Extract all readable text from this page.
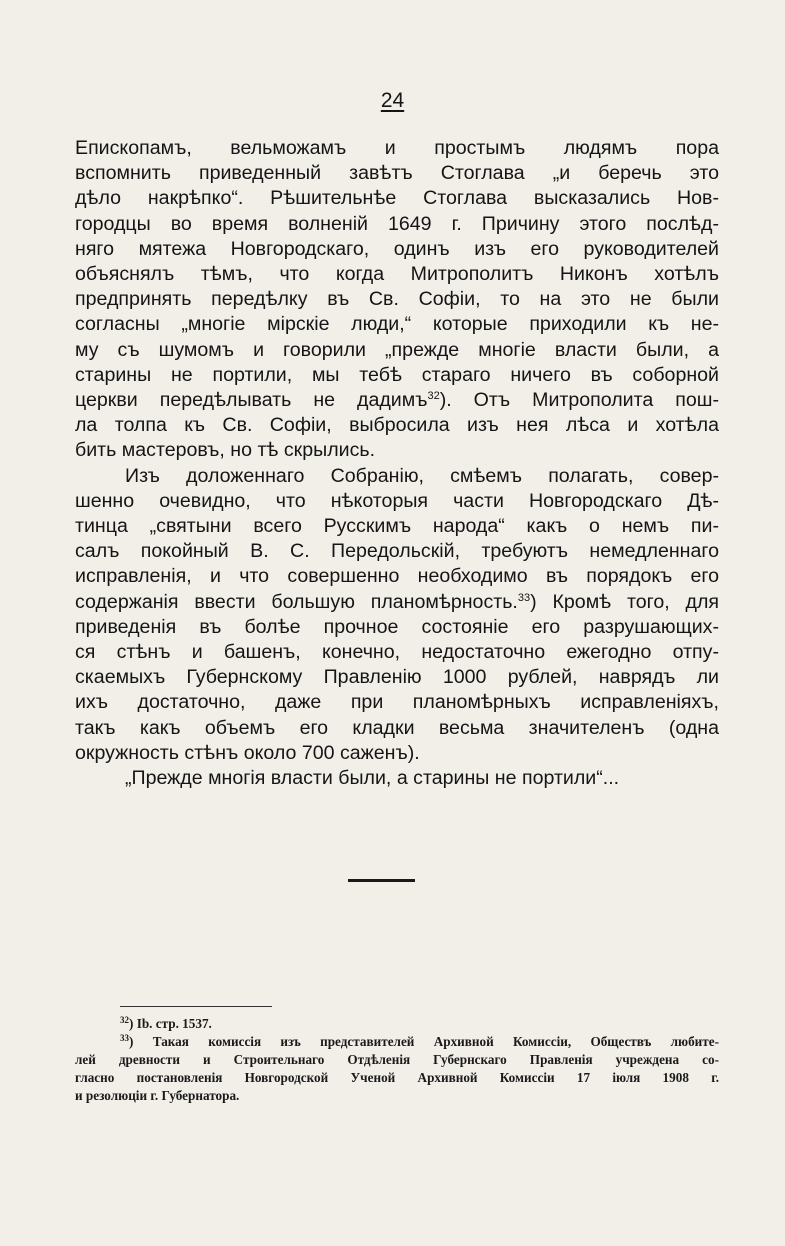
24
Епископамъ, вельможамъ и простымъ людямъ пора
вспомнить приведенный завѣтъ Стоглава „и беречь это
дѣло накрѣпко“. Рѣшительнѣе Стоглава высказались Нов-
городцы во время волненій 1649 г. Причину этого послѣд-
няго мятежа Новгородскаго, одинъ изъ его руководителей
объяснялъ тѣмъ, что когда Митрополитъ Никонъ хотѣлъ
предпринять передѣлку въ Св. Софіи, то на это не были
согласны „многіе мірскіе люди,“ которые приходили къ не-
му съ шумомъ и говорили „прежде многіе власти были, а
старины не портили, мы тебѣ стараго ничего въ соборной
церкви передѣлывать не дадимъ$^{32}$). Отъ Митрополита пош-
ла толпа къ Св. Софіи, выбросила изъ нея лѣса и хотѣла
бить мастеровъ, но тѣ скрылись.
Изъ доложеннаго Собранію, смѣемъ полагать, совер-
шенно очевидно, что нѣкоторыя части Новгородскаго Дѣ-
тинца „святыни всего Русскимъ народа“ какъ о немъ пи-
салъ покойный В. С. Передольскій, требуютъ немедленнаго
исправленія, и что совершенно необходимо въ порядокъ его
содержанія ввести большую планомѣрность.$^{33}$) Кромѣ того, для
приведенія въ болѣе прочное состояніе его разрушающих-
ся стѣнъ и башенъ, конечно, недостаточно ежегодно отпу-
скаемыхъ Губернскому Правленію 1000 рублей, наврядъ ли
ихъ достаточно, даже при планомѣрныхъ исправленіяхъ,
такъ какъ объемъ его кладки весьма значителенъ (одна
окружность стѣнъ около 700 саженъ).
„Прежде многія власти были, а старины не портили“...
$^{32}$) Ib. стр. 1537.
$^{33}$) Такая комиссія изъ представителей Архивной Комиссіи, Обществъ любите-
лей древности и Строительнаго Отдѣленія Губернскаго Правленія учреждена со-
гласно постановленія Новгородской Ученой Архивной Комиссіи 17 іюля 1908 г.
и резолюціи г. Губернатора.
